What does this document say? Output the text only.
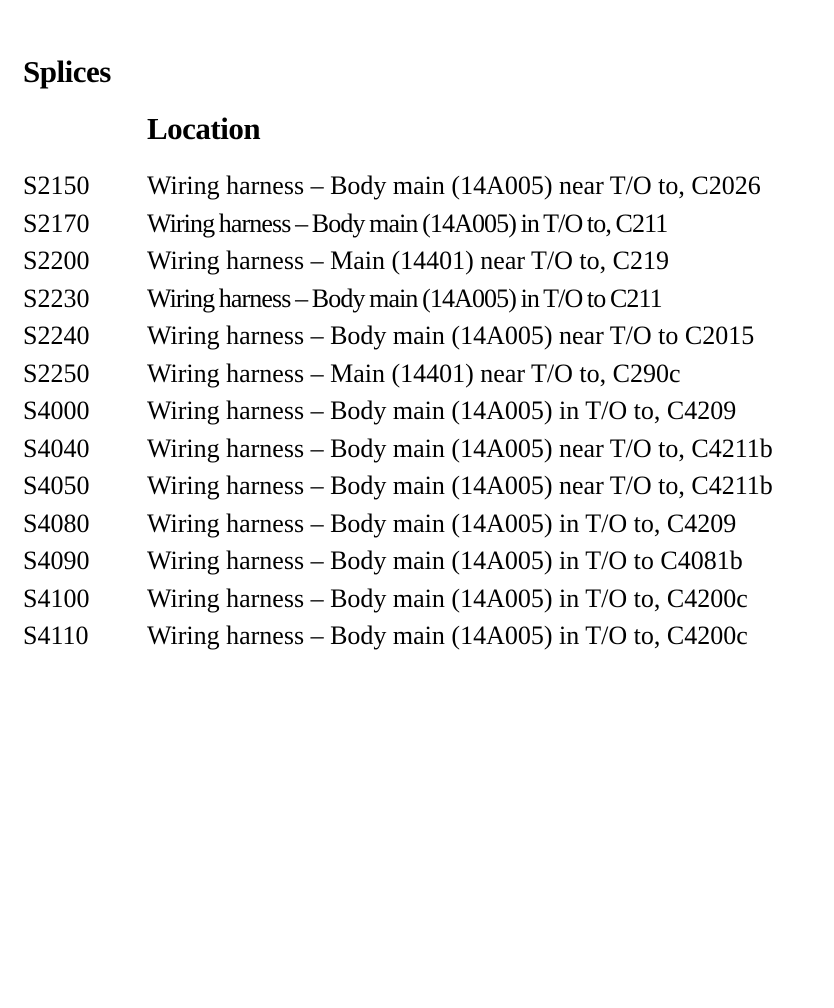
Splices
Location
S2150	Wiring harness – Body main (14A005) near T/O to, C2026
S2170	Wiring harness – Body main (14A005) in T/O to, C211
S2200	Wiring harness – Main (14401) near T/O to, C219
S2230	Wiring harness – Body main (14A005) in T/O to C211
S2240	Wiring harness – Body main (14A005) near T/O to C2015
S2250	Wiring harness – Main (14401) near T/O to, C290c
S4000	Wiring harness – Body main (14A005) in T/O to, C4209
S4040	Wiring harness – Body main (14A005) near T/O to, C4211b
S4050	Wiring harness – Body main (14A005) near T/O to, C4211b
S4080	Wiring harness – Body main (14A005) in T/O to, C4209
S4090	Wiring harness – Body main (14A005) in T/O to C4081b
S4100	Wiring harness – Body main (14A005) in T/O to, C4200c
S4110	Wiring harness – Body main (14A005) in T/O to, C4200c
